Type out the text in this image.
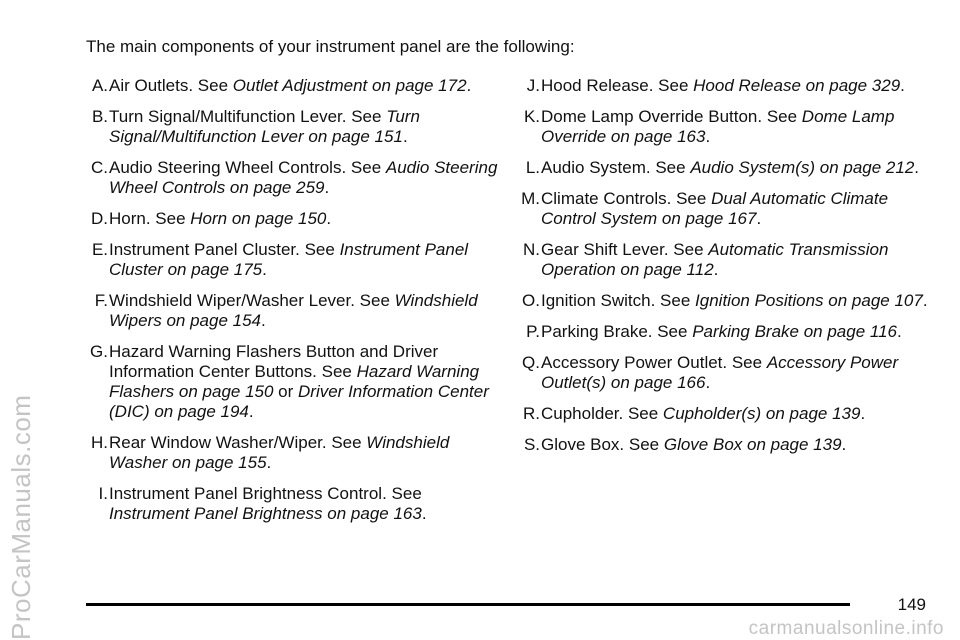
The main components of your instrument panel are the following:

A. Air Outlets. See Outlet Adjustment on page 172.
B. Turn Signal/Multifunction Lever. See Turn Signal/Multifunction Lever on page 151.
C. Audio Steering Wheel Controls. See Audio Steering Wheel Controls on page 259.
D. Horn. See Horn on page 150.
E. Instrument Panel Cluster. See Instrument Panel Cluster on page 175.
F. Windshield Wiper/Washer Lever. See Windshield Wipers on page 154.
G. Hazard Warning Flashers Button and Driver Information Center Buttons. See Hazard Warning Flashers on page 150 or Driver Information Center (DIC) on page 194.
H. Rear Window Washer/Wiper. See Windshield Washer on page 155.
I. Instrument Panel Brightness Control. See Instrument Panel Brightness on page 163.
J. Hood Release. See Hood Release on page 329.
K. Dome Lamp Override Button. See Dome Lamp Override on page 163.
L. Audio System. See Audio System(s) on page 212.
M. Climate Controls. See Dual Automatic Climate Control System on page 167.
N. Gear Shift Lever. See Automatic Transmission Operation on page 112.
O. Ignition Switch. See Ignition Positions on page 107.
P. Parking Brake. See Parking Brake on page 116.
Q. Accessory Power Outlet. See Accessory Power Outlet(s) on page 166.
R. Cupholder. See Cupholder(s) on page 139.
S. Glove Box. See Glove Box on page 139.
ProCarManuals.com	149
carmanualsonline.info
